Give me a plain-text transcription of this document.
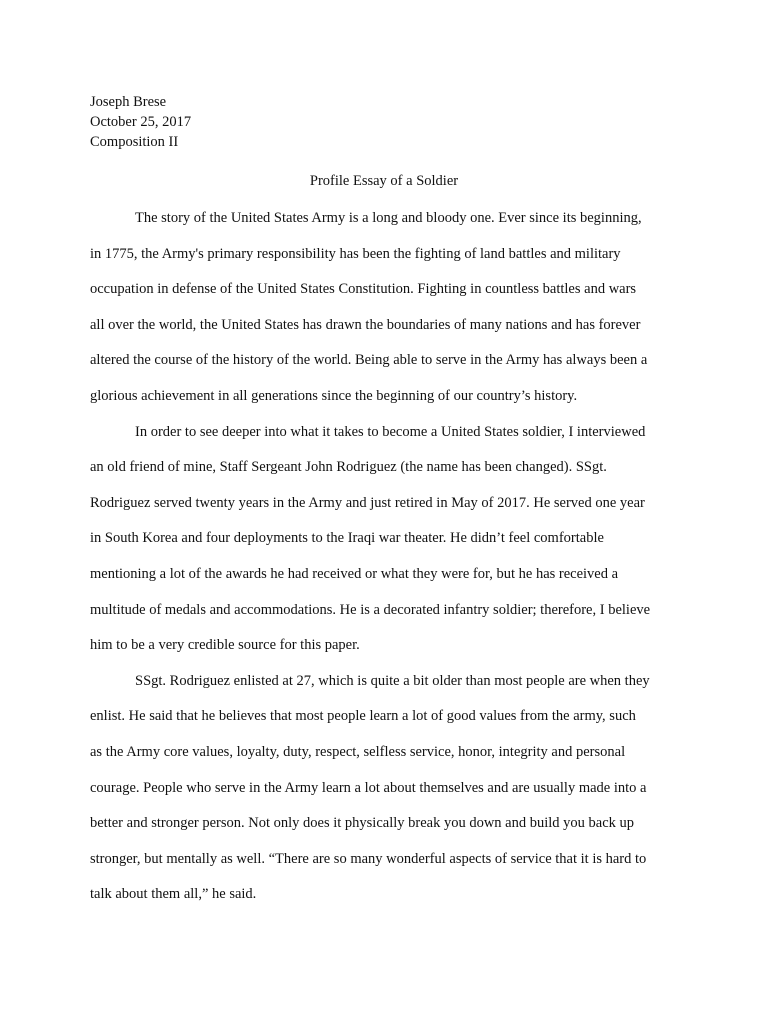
Joseph Brese
October 25, 2017
Composition II
Profile Essay of a Soldier
The story of the United States Army is a long and bloody one. Ever since its beginning,
in 1775, the Army's primary responsibility has been the fighting of land battles and military
occupation in defense of the United States Constitution. Fighting in countless battles and wars
all over the world, the United States has drawn the boundaries of many nations and has forever
altered the course of the history of the world. Being able to serve in the Army has always been a
glorious achievement in all generations since the beginning of our country’s history.
In order to see deeper into what it takes to become a United States soldier, I interviewed
an old friend of mine, Staff Sergeant John Rodriguez (the name has been changed). SSgt.
Rodriguez served twenty years in the Army and just retired in May of 2017. He served one year
in South Korea and four deployments to the Iraqi war theater. He didn’t feel comfortable
mentioning a lot of the awards he had received or what they were for, but he has received a
multitude of medals and accommodations. He is a decorated infantry soldier; therefore, I believe
him to be a very credible source for this paper.
SSgt. Rodriguez enlisted at 27, which is quite a bit older than most people are when they
enlist. He said that he believes that most people learn a lot of good values from the army, such
as the Army core values, loyalty, duty, respect, selfless service, honor, integrity and personal
courage. People who serve in the Army learn a lot about themselves and are usually made into a
better and stronger person. Not only does it physically break you down and build you back up
stronger, but mentally as well. “There are so many wonderful aspects of service that it is hard to
talk about them all,” he said.
